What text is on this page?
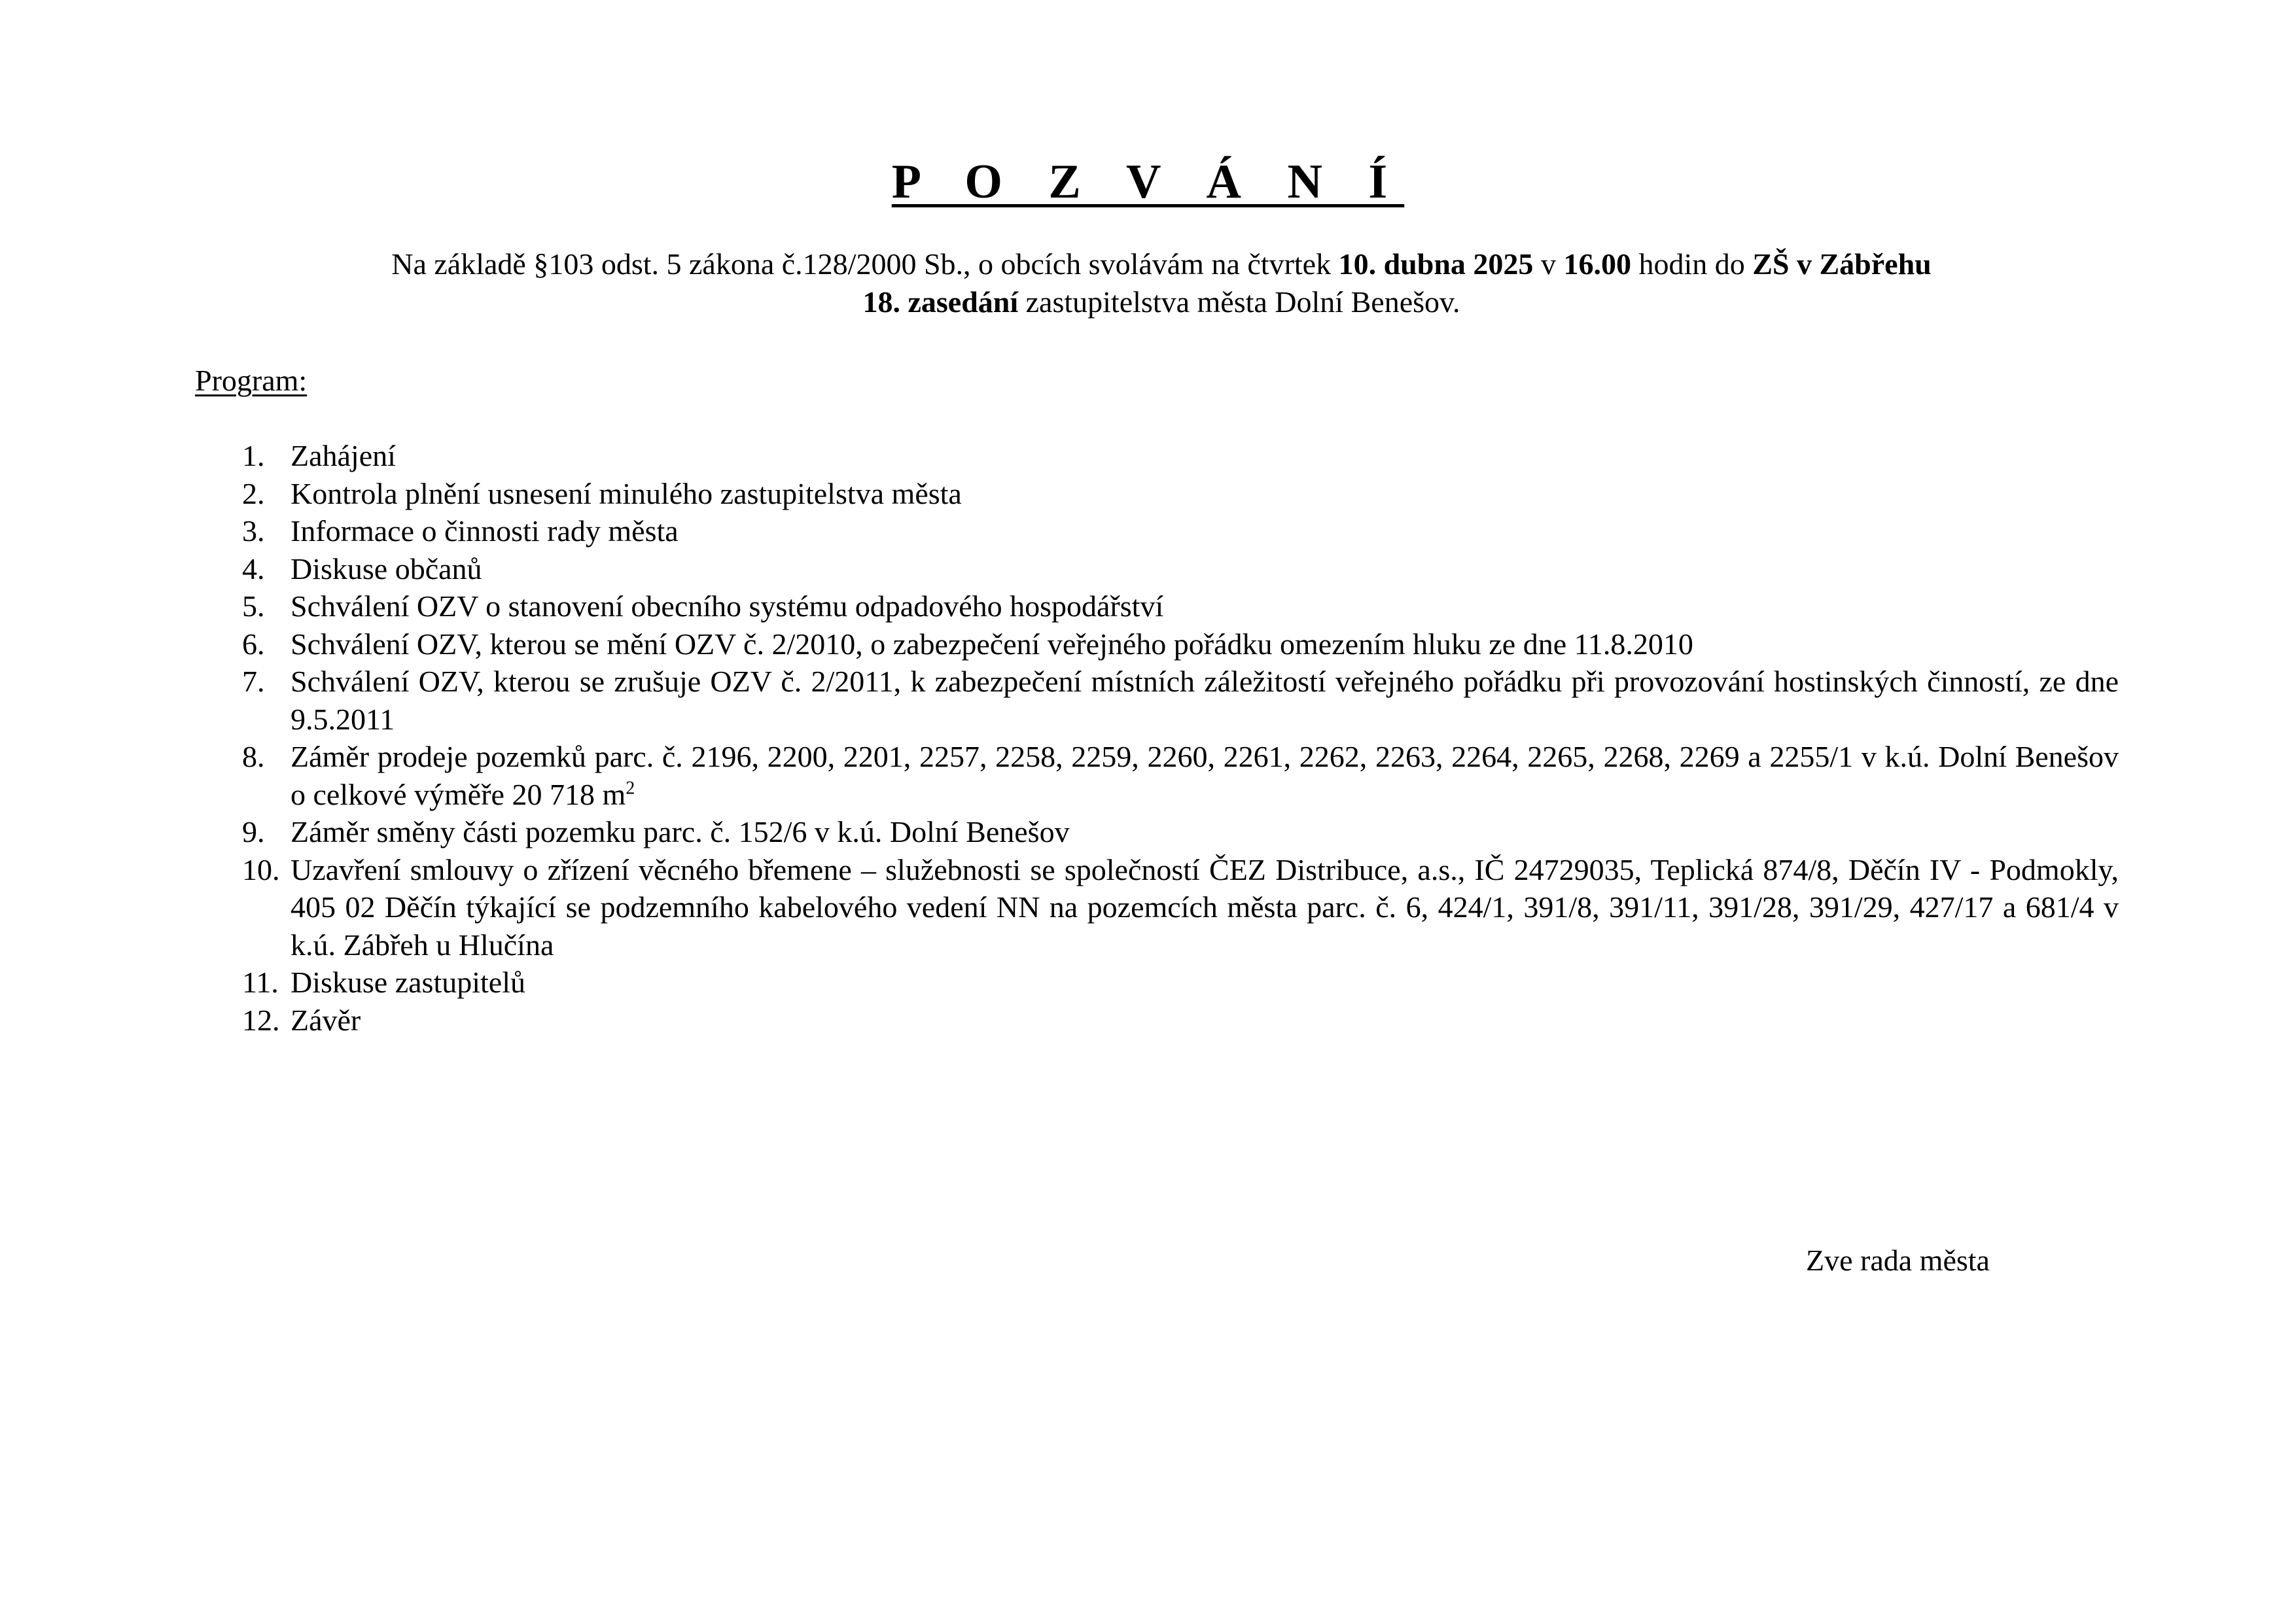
P O Z V Á N Í
Na základě §103 odst. 5 zákona č.128/2000 Sb., o obcích svolávám na čtvrtek 10. dubna 2025 v 16.00 hodin do ZŠ v Zábřehu
18. zasedání zastupitelstva města Dolní Benešov.
Program:
1. Zahájení
2. Kontrola plnění usnesení minulého zastupitelstva města
3. Informace o činnosti rady města
4. Diskuse občanů
5. Schválení OZV o stanovení obecního systému odpadového hospodářství
6. Schválení OZV, kterou se mění OZV č. 2/2010, o zabezpečení veřejného pořádku omezením hluku ze dne 11.8.2010
7. Schválení OZV, kterou se zrušuje OZV č. 2/2011, k zabezpečení místních záležitostí veřejného pořádku při provozování hostinských činností, ze dne 9.5.2011
8. Záměr prodeje pozemků parc. č. 2196, 2200, 2201, 2257, 2258, 2259, 2260, 2261, 2262, 2263, 2264, 2265, 2268, 2269 a 2255/1 v k.ú. Dolní Benešov o celkové výměře 20 718 $m^2$
9. Záměr směny části pozemku parc. č. 152/6 v k.ú. Dolní Benešov
10. Uzavření smlouvy o zřízení věcného břemene – služebnosti se společností ČEZ Distribuce, a.s., IČ 24729035, Teplická 874/8, Děčín IV - Podmokly, 405 02 Děčín týkající se podzemního kabelového vedení NN na pozemcích města parc. č. 6, 424/1, 391/8, 391/11, 391/28, 391/29, 427/17 a 681/4 v k.ú. Zábřeh u Hlučína
11. Diskuse zastupitelů
12. Závěr
Zve rada města
